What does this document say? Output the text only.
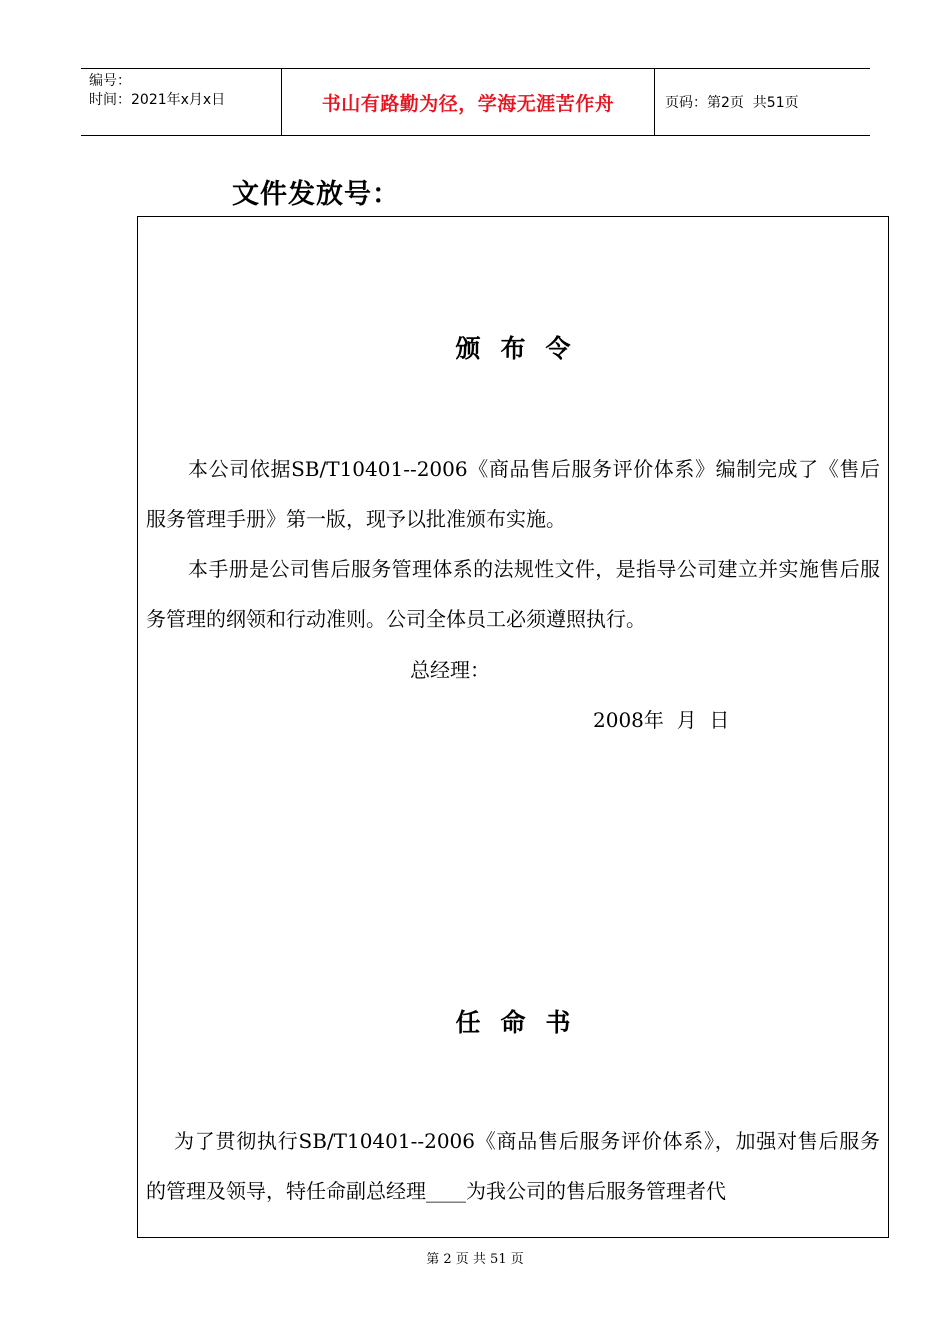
编号：
时间：2021年x月x日	书山有路勤为径，学海无涯苦作舟	页码：第2页  共51页
文件发放号：
颁布令
本公司依据SB/T10401--2006《商品售后服务评价体系》编制完成了《售后服务管理手册》第一版，现予以批准颁布实施。
本手册是公司售后服务管理体系的法规性文件，是指导公司建立并实施售后服务管理的纲领和行动准则。公司全体员工必须遵照执行。
总经理：
2008年  月  日
任命书
为了贯彻执行SB/T10401--2006《商品售后服务评价体系》，加强对售后服务的管理及领导，特任命副总经理____为我公司的售后服务管理者代
第 2 页 共 51 页
